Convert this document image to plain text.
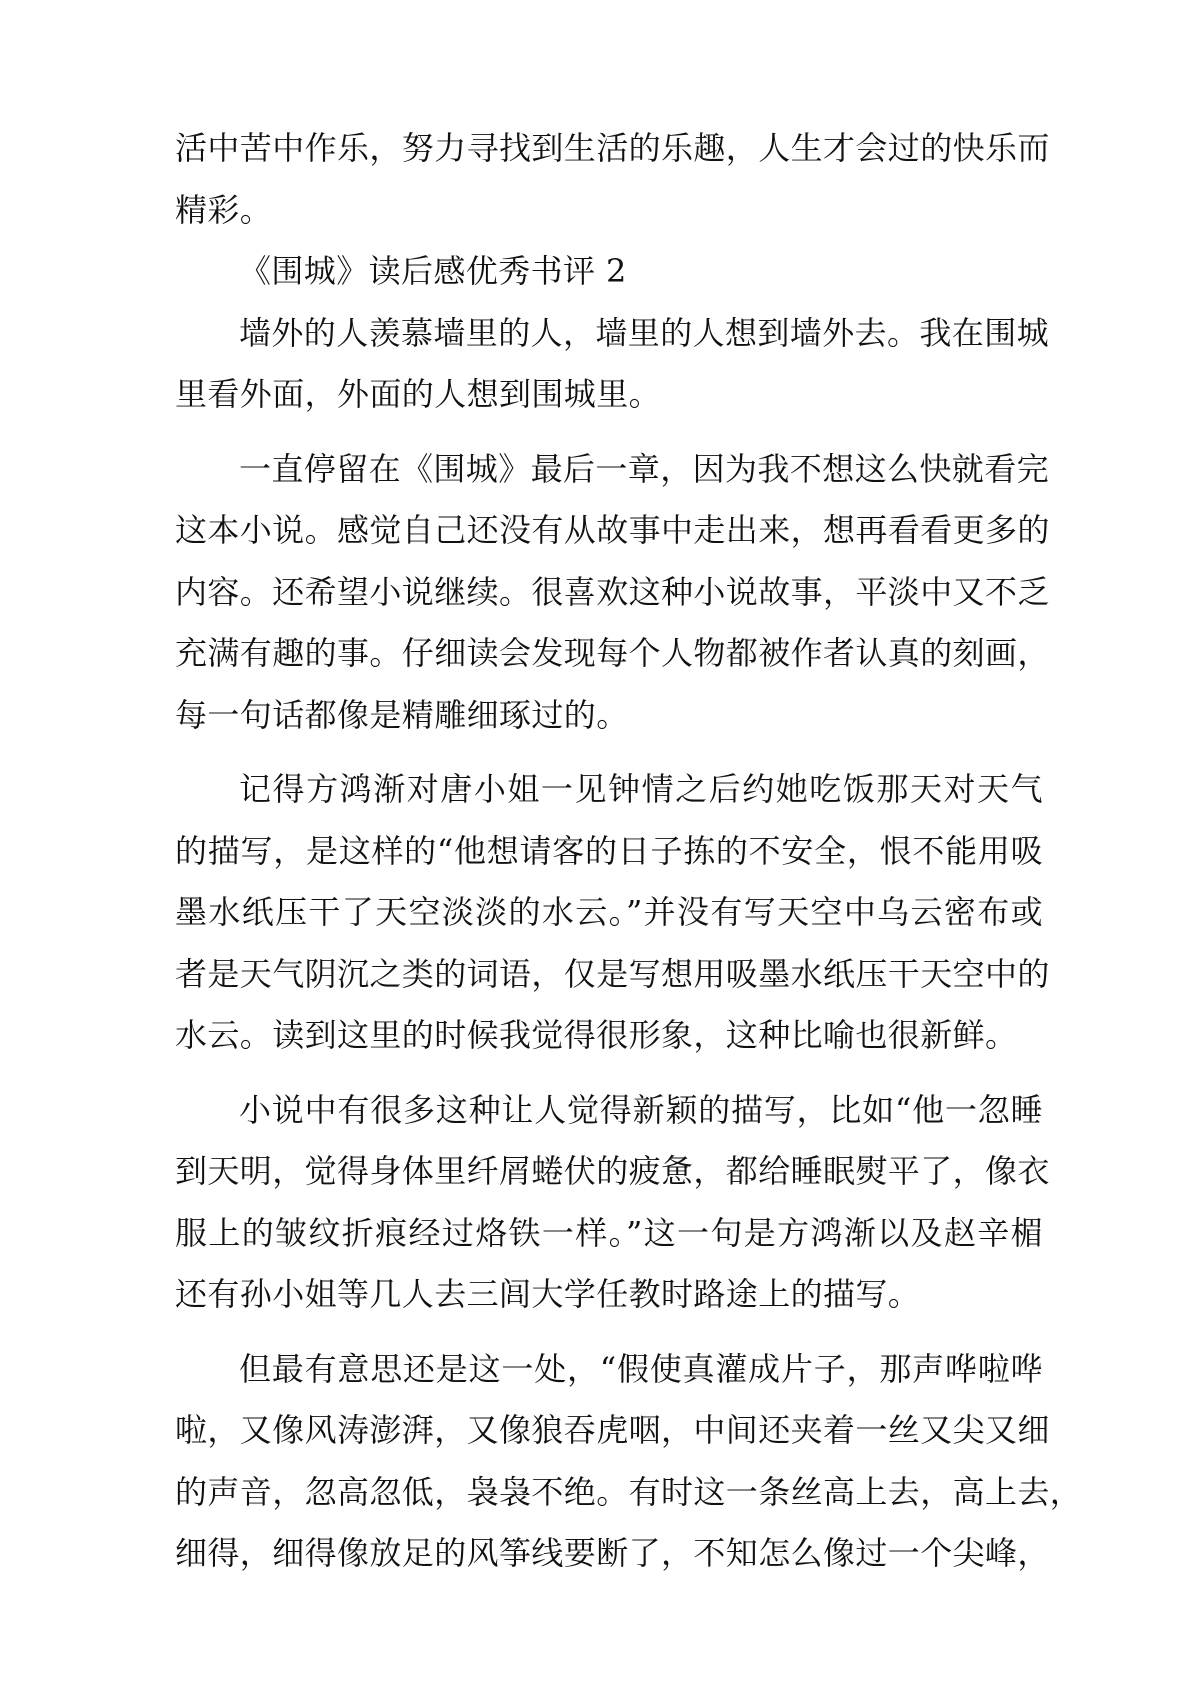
活中苦中作乐，努力寻找到生活的乐趣，人生才会过的快乐而
精彩。
《围城》读后感优秀书评 2
墙外的人羡慕墙里的人，墙里的人想到墙外去。我在围城
里看外面，外面的人想到围城里。
一直停留在《围城》最后一章，因为我不想这么快就看完
这本小说。感觉自己还没有从故事中走出来，想再看看更多的
内容。还希望小说继续。很喜欢这种小说故事，平淡中又不乏
充满有趣的事。仔细读会发现每个人物都被作者认真的刻画，
每一句话都像是精雕细琢过的。
记得方鸿渐对唐小姐一见钟情之后约她吃饭那天对天气
的描写，是这样的“他想请客的日子拣的不安全，恨不能用吸
墨水纸压干了天空淡淡的水云。”并没有写天空中乌云密布或
者是天气阴沉之类的词语，仅是写想用吸墨水纸压干天空中的
水云。读到这里的时候我觉得很形象，这种比喻也很新鲜。
小说中有很多这种让人觉得新颖的描写，比如“他一忽睡
到天明，觉得身体里纤屑蜷伏的疲惫，都给睡眠熨平了，像衣
服上的皱纹折痕经过烙铁一样。”这一句是方鸿渐以及赵辛楣
还有孙小姐等几人去三闾大学任教时路途上的描写。
但最有意思还是这一处，“假使真灌成片子，那声哗啦哗
啦，又像风涛澎湃，又像狼吞虎咽，中间还夹着一丝又尖又细
的声音，忽高忽低，袅袅不绝。有时这一条丝高上去，高上去，
细得，细得像放足的风筝线要断了，不知怎么像过一个尖峰，
